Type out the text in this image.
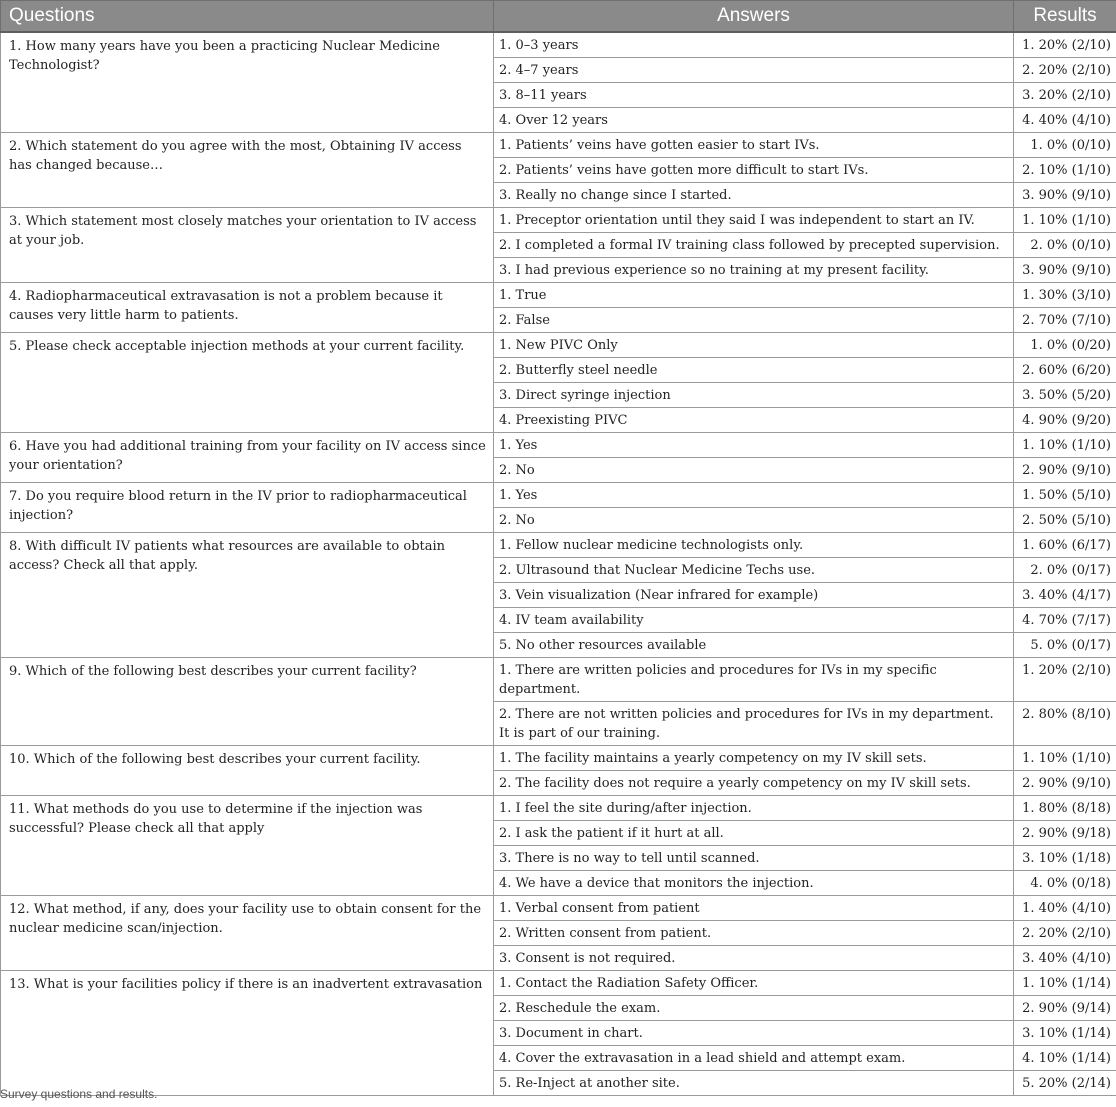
Questions	Answers	Results
1. How many years have you been a practicing Nuclear Medicine Technologist?	1. 0–3 years	1. 20% (2/10)
	2. 4–7 years	2. 20% (2/10)
	3. 8–11 years	3. 20% (2/10)
	4. Over 12 years	4. 40% (4/10)
2. Which statement do you agree with the most, Obtaining IV access has changed because…	1. Patients’ veins have gotten easier to start IVs.	1. 0% (0/10)
	2. Patients’ veins have gotten more difficult to start IVs.	2. 10% (1/10)
	3. Really no change since I started.	3. 90% (9/10)
3. Which statement most closely matches your orientation to IV access at your job.	1. Preceptor orientation until they said I was independent to start an IV.	1. 10% (1/10)
	2. I completed a formal IV training class followed by precepted supervision.	2. 0% (0/10)
	3. I had previous experience so no training at my present facility.	3. 90% (9/10)
4. Radiopharmaceutical extravasation is not a problem because it causes very little harm to patients.	1. True	1. 30% (3/10)
	2. False	2. 70% (7/10)
5. Please check acceptable injection methods at your current facility.	1. New PIVC Only	1. 0% (0/20)
	2. Butterfly steel needle	2. 60% (6/20)
	3. Direct syringe injection	3. 50% (5/20)
	4. Preexisting PIVC	4. 90% (9/20)
6. Have you had additional training from your facility on IV access since your orientation?	1. Yes	1. 10% (1/10)
	2. No	2. 90% (9/10)
7. Do you require blood return in the IV prior to radiopharmaceutical injection?	1. Yes	1. 50% (5/10)
	2. No	2. 50% (5/10)
8. With difficult IV patients what resources are available to obtain access? Check all that apply.	1. Fellow nuclear medicine technologists only.	1. 60% (6/17)
	2. Ultrasound that Nuclear Medicine Techs use.	2. 0% (0/17)
	3. Vein visualization (Near infrared for example)	3. 40% (4/17)
	4. IV team availability	4. 70% (7/17)
	5. No other resources available	5. 0% (0/17)
9. Which of the following best describes your current facility?	1. There are written policies and procedures for IVs in my specific department.	1. 20% (2/10)
	2. There are not written policies and procedures for IVs in my department. It is part of our training.	2. 80% (8/10)
10. Which of the following best describes your current facility.	1. The facility maintains a yearly competency on my IV skill sets.	1. 10% (1/10)
	2. The facility does not require a yearly competency on my IV skill sets.	2. 90% (9/10)
11. What methods do you use to determine if the injection was successful? Please check all that apply	1. I feel the site during/after injection.	1. 80% (8/18)
	2. I ask the patient if it hurt at all.	2. 90% (9/18)
	3. There is no way to tell until scanned.	3. 10% (1/18)
	4. We have a device that monitors the injection.	4. 0% (0/18)
12. What method, if any, does your facility use to obtain consent for the nuclear medicine scan/injection.	1. Verbal consent from patient	1. 40% (4/10)
	2. Written consent from patient.	2. 20% (2/10)
	3. Consent is not required.	3. 40% (4/10)
13. What is your facilities policy if there is an inadvertent extravasation	1. Contact the Radiation Safety Officer.	1. 10% (1/14)
	2. Reschedule the exam.	2. 90% (9/14)
	3. Document in chart.	3. 10% (1/14)
	4. Cover the extravasation in a lead shield and attempt exam.	4. 10% (1/14)
	5. Re-Inject at another site.	5. 20% (2/14)
Survey questions and results.
